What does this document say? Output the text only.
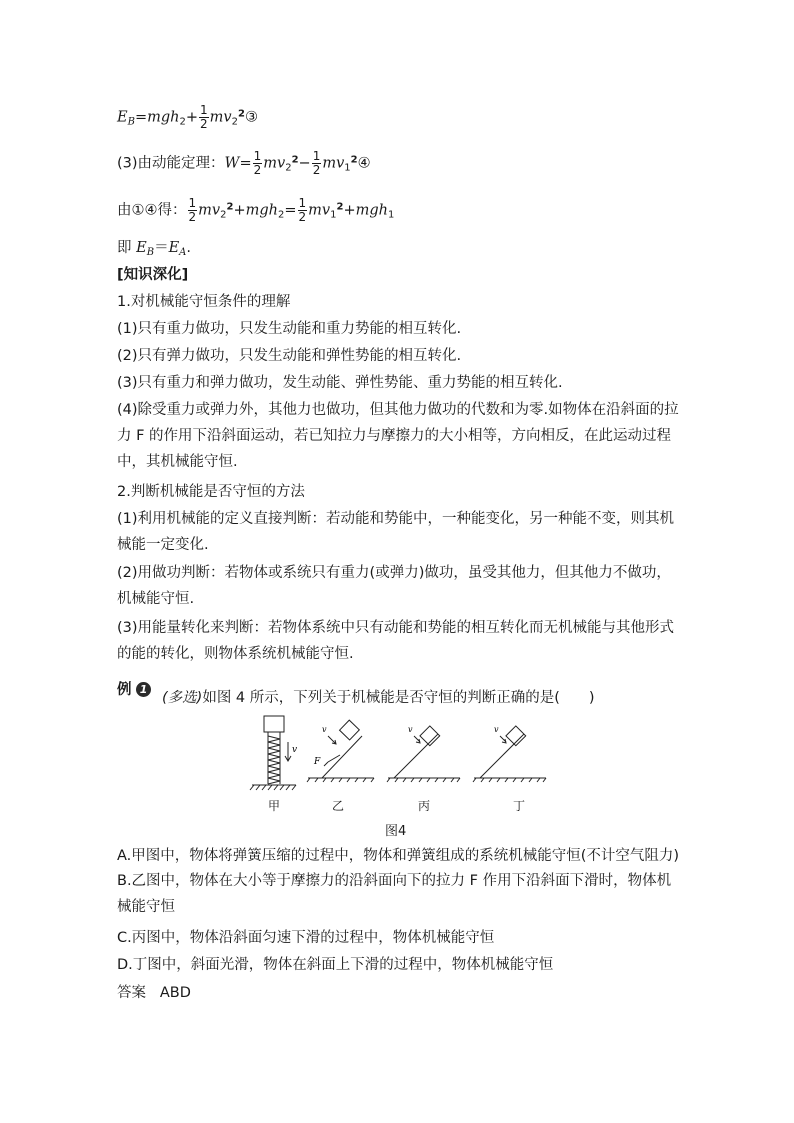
$E_B=mgh_2+ \frac{1}{2}$ $mv_2^2③$
(3)由动能定理：$W= \frac{1}{2} mv_2^2- \frac{1}{2}$ $mv_1^2④$
由①④得： $\frac{1}{2} mv_2^2+mgh_2= \frac{1}{2} mv_1^2+mgh_1$
即 $E_B=E_A$.
[知识深化]
1.对机械能守恒条件的理解
(1)只有重力做功，只发生动能和重力势能的相互转化.
(2)只有弹力做功，只发生动能和弹性势能的相互转化.
(3)只有重力和弹力做功，发生动能、弹性势能、重力势能的相互转化.
(4)除受重力或弹力外，其他力也做功，但其他力做功的代数和为零.如物体在沿斜面的拉力 F 的作用下沿斜面运动，若已知拉力与摩擦力的大小相等，方向相反，在此运动过程中，其机械能守恒.
2.判断机械能是否守恒的方法
(1)利用机械能的定义直接判断：若动能和势能中，一种能变化，另一种能不变，则其机械能一定变化.
(2)用做功判断：若物体或系统只有重力(或弹力)做功，虽受其他力，但其他力不做功，机械能守恒.
(3)用能量转化来判断：若物体系统中只有动能和势能的相互转化而无机械能与其他形式的能的转化，则物体系统机械能守恒.
例 1
(多选)如图 4 所示，下列关于机械能是否守恒的判断正确的是(　　)
v
v
F
v	v
甲	乙	丙	丁
图4
A.甲图中，物体将弹簧压缩的过程中，物体和弹簧组成的系统机械能守恒(不计空气阻力)
B.乙图中，物体在大小等于摩擦力的沿斜面向下的拉力 F 作用下沿斜面下滑时，物体机械能守恒
C.丙图中，物体沿斜面匀速下滑的过程中，物体机械能守恒
D.丁图中，斜面光滑，物体在斜面上下滑的过程中，物体机械能守恒
答案 ABD
